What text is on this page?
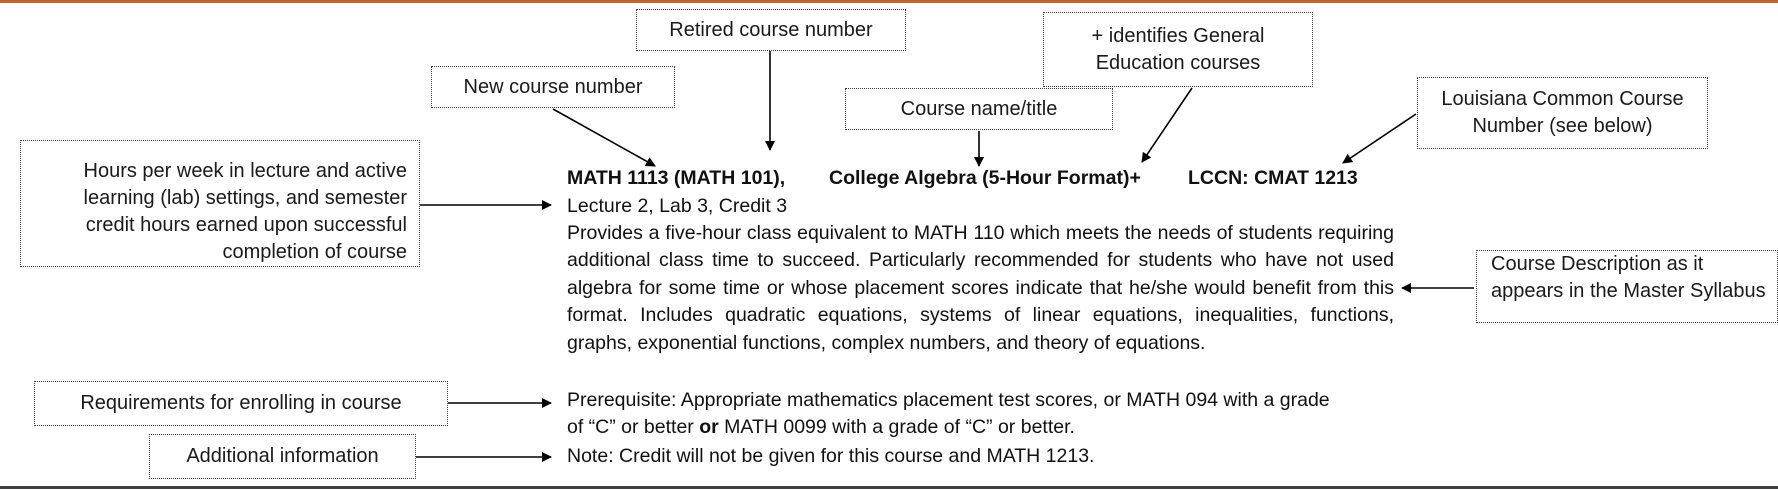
New course number
Retired course number
Course name/title
+ identifies General
Education courses
Louisiana Common Course
Number (see below)
Hours per week in lecture and active
learning (lab) settings, and semester
credit hours earned upon successful
completion of course
Course Description as it
appears in the Master Syllabus
Requirements for enrolling in course
Additional information
MATH 1113 (MATH 101), College Algebra (5-Hour Format)+ LCCN: CMAT 1213
Lecture 2, Lab 3, Credit 3
Provides a five-hour class equivalent to MATH 110 which meets the needs of students requiring additional class time to succeed. Particularly recommended for students who have not used algebra for some time or whose placement scores indicate that he/she would benefit from this format. Includes quadratic equations, systems of linear equations, inequalities, functions, graphs, exponential functions, complex numbers, and theory of equations.
Prerequisite: Appropriate mathematics placement test scores, or MATH 094 with a grade
of “C” or better or MATH 0099 with a grade of “C” or better.
Note: Credit will not be given for this course and MATH 1213.
